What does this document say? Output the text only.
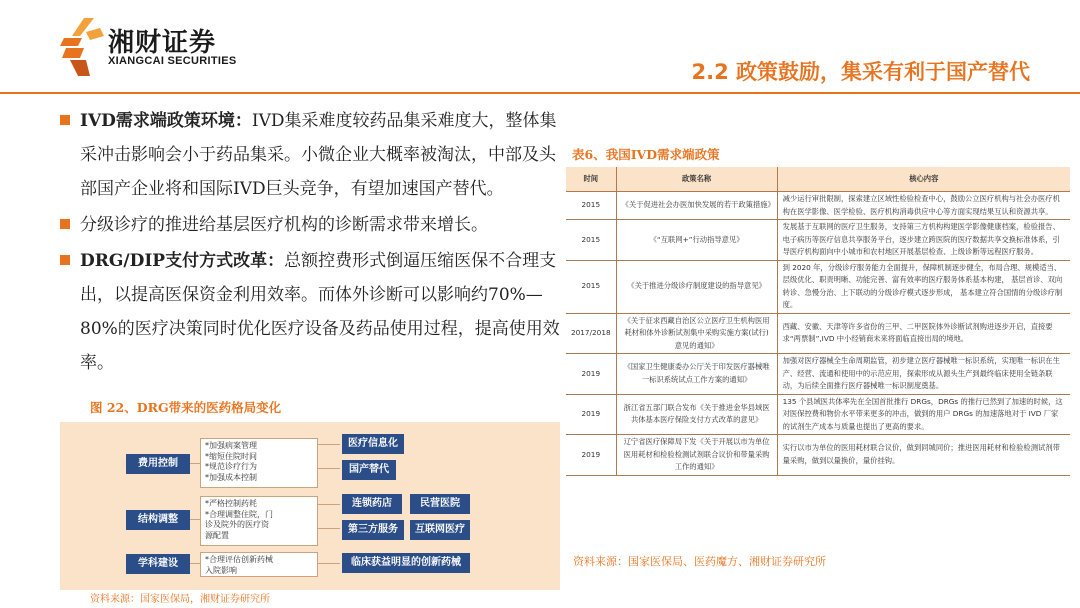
湘财证券
XIANGCAI SECURITIES	2.2 政策鼓励，集采有利于国产替代
IVD需求端政策环境：IVD集采难度较药品集采难度大，整体集采冲击影响会小于药品集采。小微企业大概率被淘汰，中部及头部国产企业将和国际IVD巨头竞争，有望加速国产替代。
分级诊疗的推进给基层医疗机构的诊断需求带来增长。
DRG/DIP支付方式改革：总额控费形式倒逼压缩医保不合理支出，以提高医保资金利用效率。而体外诊断可以影响约70%—80%的医疗决策同时优化医疗设备及药品使用过程，提高使用效率。
图 22、DRG带来的医药格局变化
费用控制
*加强病案管理
*缩短住院时间
*规范诊疗行为
*加强成本控制
医疗信息化
国产替代
结构调整
*严格控制药耗
*合理调整住院，门
诊及院外的医疗资
源配置
连锁药店	民营医院
第三方服务	互联网医疗
学科建设	*合理评估创新药械
入院影响
临床获益明显的创新药械
资料来源：国家医保局，湘财证券研究所
表6、我国IVD需求端政策
时间	政策名称	核心内容
2015	《关于促进社会办医加快发展的若干政策措施》	减少运行审批限制，探索建立区域性检验检查中心，鼓励公立医疗机构与社会办医疗机构在医学影像、医学检验、医疗机构消毒供应中心等方面实现结果互认和资源共享。
2015	《“互联网+”行动指导意见》	发展基于互联网的医疗卫生服务，支持第三方机构构建医学影像健康档案，检验报告、电子病历等医疗信息共享服务平台，逐步建立跨医院的医疗数据共享交换标准体系，引导医疗机构面向中小城市和农村地区开展基层检查、上级诊断等远程医疗服务。
2015	《关于推进分级诊疗制度建设的指导意见》	到 2020 年，分级诊疗服务能力全面提升，保障机制逐步健全，布局合理、规模适当、层级优化、职责明晰、功能完善、富有效率的医疗服务体系基本构建， 基层首诊、双向转诊、急慢分治、上下联动的分级诊疗模式逐步形成， 基本建立符合国情的分级诊疗制度。
2017/2018	《关于征求西藏自治区公立医疗卫生机构医用耗材和体外诊断试剂集中采购实施方案(试行)意见的通知》	西藏、安徽、天津等许多省份的三甲、二甲医院体外诊断试剂购进逐步开启，直接要求“两票制”,IVD 中小经销商未来将面临直接出局的境地。
2019	《国家卫生健康委办公厅关于印发医疗器械唯一标识系统试点工作方案的通知》	加强对医疗器械全生命周期监管，初步建立医疗器械唯一标识系统，实现唯一标识在生产、经营、流通和使用中的示范应用，探索形成从源头生产到最终临床使用全链条联动，为后续全面推行医疗器械唯一标识制度奠基。
2019	浙江省五部门联合发布《关于推进金华县域医共体基本医疗保险支付方式改革的意见》	135 个县域医共体率先在全国首批推行 DRGs，DRGs 的推行已然到了加速的时候，这对医保控费和物价水平带来更多的冲击，做到的用户 DRGs 的加速落地对于 IVD 厂家的试剂生产成本与质量也提出了更高的要求。
2019	辽宁省医疗保障局下发《关于开展以市为单位医用耗材和检验检测试剂联合议价和带量采购工作的通知》	实行以市为单位的医用耗材联合议价，做到同城同价；推进医用耗材和检验检测试剂带量采购，做到以量换价，量价挂钩。
资料来源：国家医保局、医药魔方、湘财证券研究所
